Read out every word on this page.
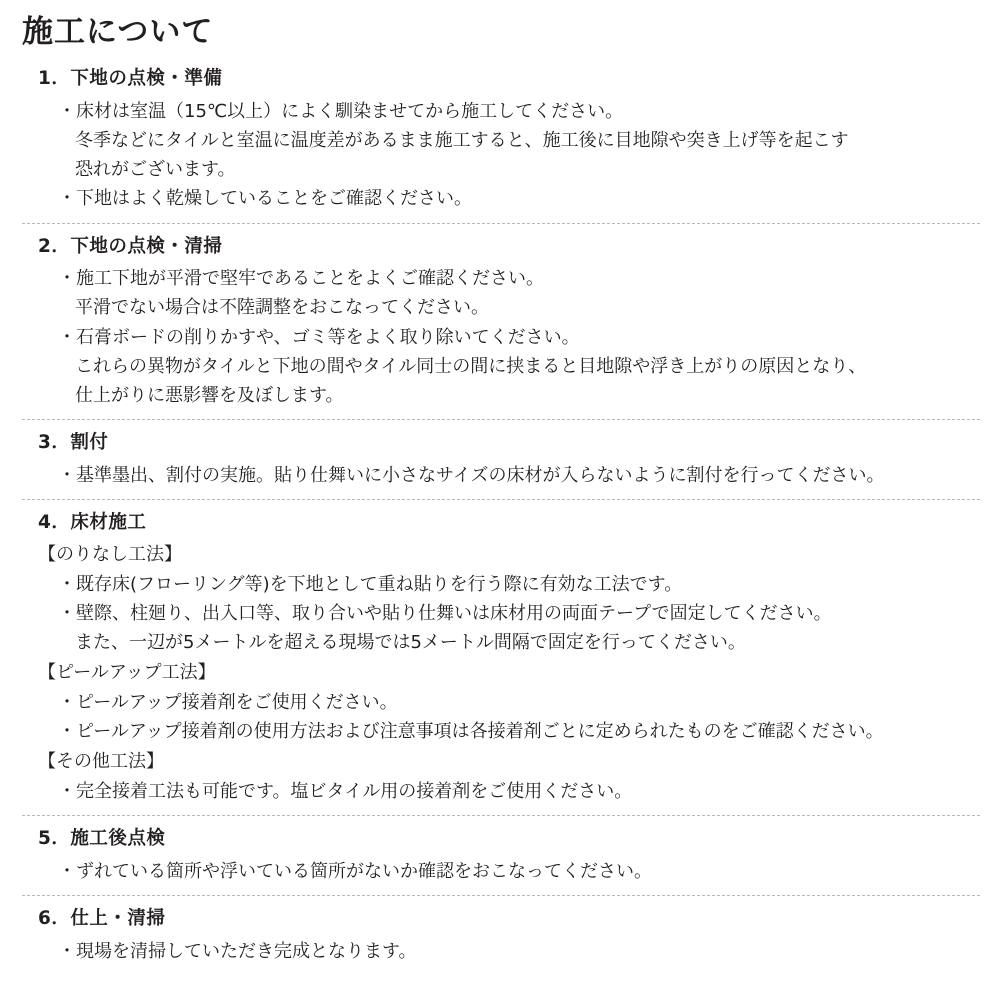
施工について
1．下地の点検・準備
・床材は室温（15℃以上）によく馴染ませてから施工してください。
冬季などにタイルと室温に温度差があるまま施工すると、施工後に目地隙や突き上げ等を起こす
恐れがございます。
・下地はよく乾燥していることをご確認ください。
2．下地の点検・清掃
・施工下地が平滑で堅牢であることをよくご確認ください。
平滑でない場合は不陸調整をおこなってください。
・石膏ボードの削りかすや、ゴミ等をよく取り除いてください。
これらの異物がタイルと下地の間やタイル同士の間に挟まると目地隙や浮き上がりの原因となり、
仕上がりに悪影響を及ぼします。
3．割付
・基準墨出、割付の実施。貼り仕舞いに小さなサイズの床材が入らないように割付を行ってください。
4．床材施工
【のりなし工法】
・既存床(フローリング等)を下地として重ね貼りを行う際に有効な工法です。
・壁際、柱廻り、出入口等、取り合いや貼り仕舞いは床材用の両面テープで固定してください。
また、一辺が5メートルを超える現場では5メートル間隔で固定を行ってください。
【ピールアップ工法】
・ピールアップ接着剤をご使用ください。
・ピールアップ接着剤の使用方法および注意事項は各接着剤ごとに定められたものをご確認ください。
【その他工法】
・完全接着工法も可能です。塩ビタイル用の接着剤をご使用ください。
5．施工後点検
・ずれている箇所や浮いている箇所がないか確認をおこなってください。
6．仕上・清掃
・現場を清掃していただき完成となります。
